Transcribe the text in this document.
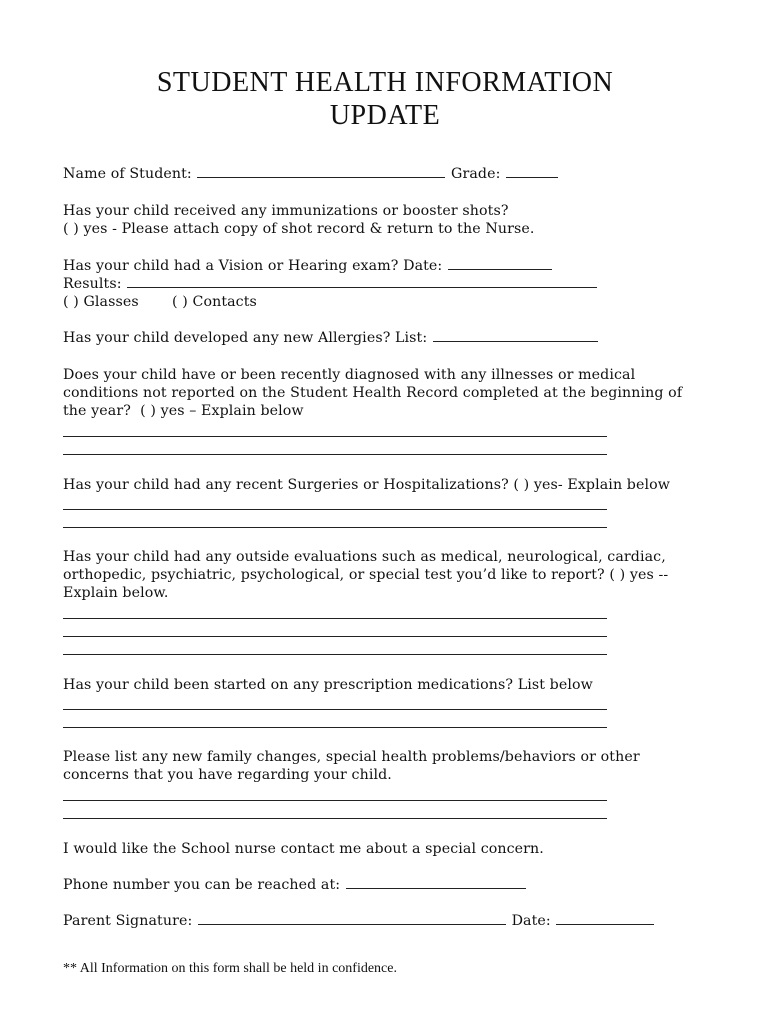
STUDENT HEALTH INFORMATION
UPDATE
Name of Student:	Grade:
Has your child received any immunizations or booster shots?
( ) yes - Please attach copy of shot record & return to the Nurse.
Has your child had a Vision or Hearing exam? Date:
Results:
( ) Glasses ( ) Contacts
Has your child developed any new Allergies? List:
Does your child have or been recently diagnosed with any illnesses or medical
conditions not reported on the Student Health Record completed at the beginning of
the year?  ( ) yes – Explain below
Has your child had any recent Surgeries or Hospitalizations? ( ) yes- Explain below
Has your child had any outside evaluations such as medical, neurological, cardiac,
orthopedic, psychiatric, psychological, or special test you’d like to report? ( ) yes --
Explain below.
Has your child been started on any prescription medications? List below
Please list any new family changes, special health problems/behaviors or other
concerns that you have regarding your child.
I would like the School nurse contact me about a special concern.
Phone number you can be reached at:
Parent Signature:	Date:
** All Information on this form shall be held in confidence.
